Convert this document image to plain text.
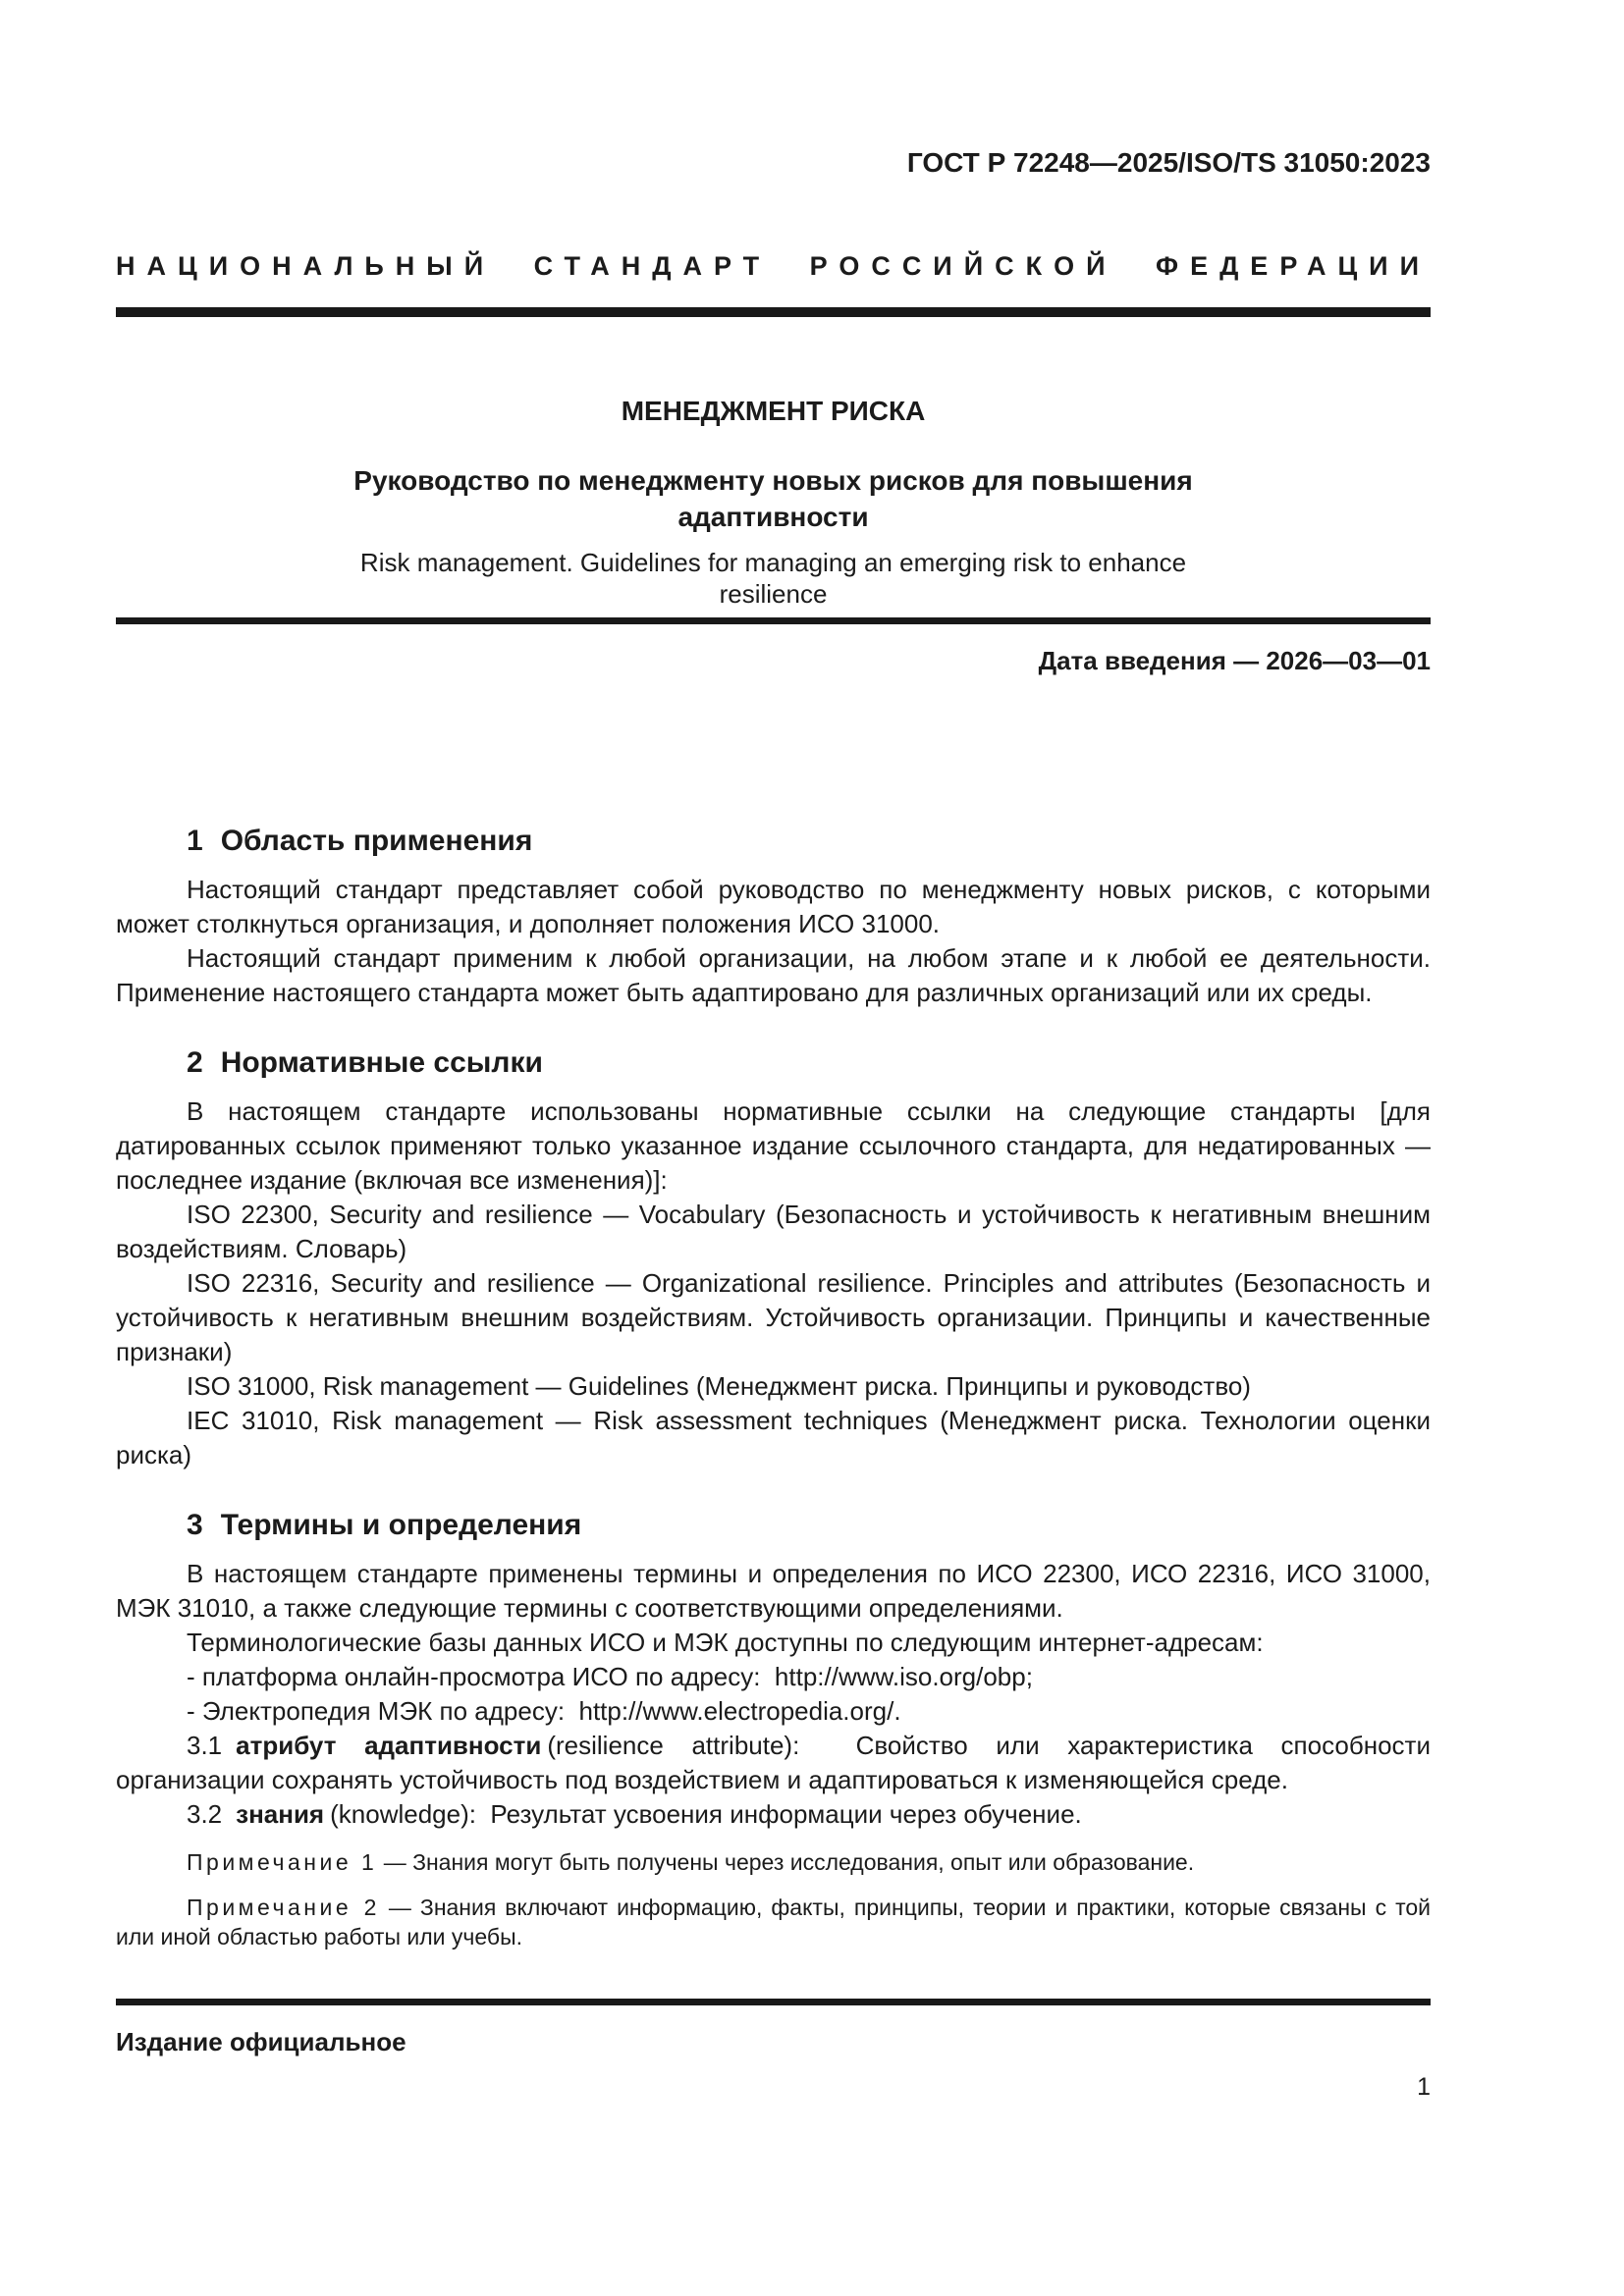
ГОСТ Р 72248—2025/ISO/TS 31050:2023
НАЦИОНАЛЬНЫЙ СТАНДАРТ РОССИЙСКОЙ ФЕДЕРАЦИИ
МЕНЕДЖМЕНТ РИСКА
Руководство по менеджменту новых рисков для повышения адаптивности
Risk management. Guidelines for managing an emerging risk to enhance resilience
Дата введения — 2026—03—01
1 Область применения

Настоящий стандарт представляет собой руководство по менеджменту новых рисков, с которыми может столкнуться организация, и дополняет положения ИСО 31000.

Настоящий стандарт применим к любой организации, на любом этапе и к любой ее деятельности. Применение настоящего стандарта может быть адаптировано для различных организаций или их среды.

2 Нормативные ссылки

В настоящем стандарте использованы нормативные ссылки на следующие стандарты [для датированных ссылок применяют только указанное издание ссылочного стандарта, для недатированных — последнее издание (включая все изменения)]:

ISO 22300, Security and resilience — Vocabulary (Безопасность и устойчивость к негативным внешним воздействиям. Словарь)

ISO 22316, Security and resilience — Organizational resilience. Principles and attributes (Безопасность и устойчивость к негативным внешним воздействиям. Устойчивость организации. Принципы и качественные признаки)

ISO 31000, Risk management — Guidelines (Менеджмент риска. Принципы и руководство)

IEC 31010, Risk management — Risk assessment techniques (Менеджмент риска. Технологии оценки риска)

3 Термины и определения

В настоящем стандарте применены термины и определения по ИСО 22300, ИСО 22316, ИСО 31000, МЭК 31010, а также следующие термины с соответствующими определениями.

Терминологические базы данных ИСО и МЭК доступны по следующим интернет-адресам:

- платформа онлайн-просмотра ИСО по адресу:  http://www.iso.org/obp;

- Электропедия МЭК по адресу:  http://www.electropedia.org/.

3.1 атрибут адаптивности (resilience attribute):  Свойство или характеристика способности организации сохранять устойчивость под воздействием и адаптироваться к изменяющейся среде.

3.2 знания (knowledge):  Результат усвоения информации через обучение.

Примечание 1 — Знания могут быть получены через исследования, опыт или образование.

Примечание 2 — Знания включают информацию, факты, принципы, теории и практики, которые связаны с той или иной областью работы или учебы.

Издание официальное
1
